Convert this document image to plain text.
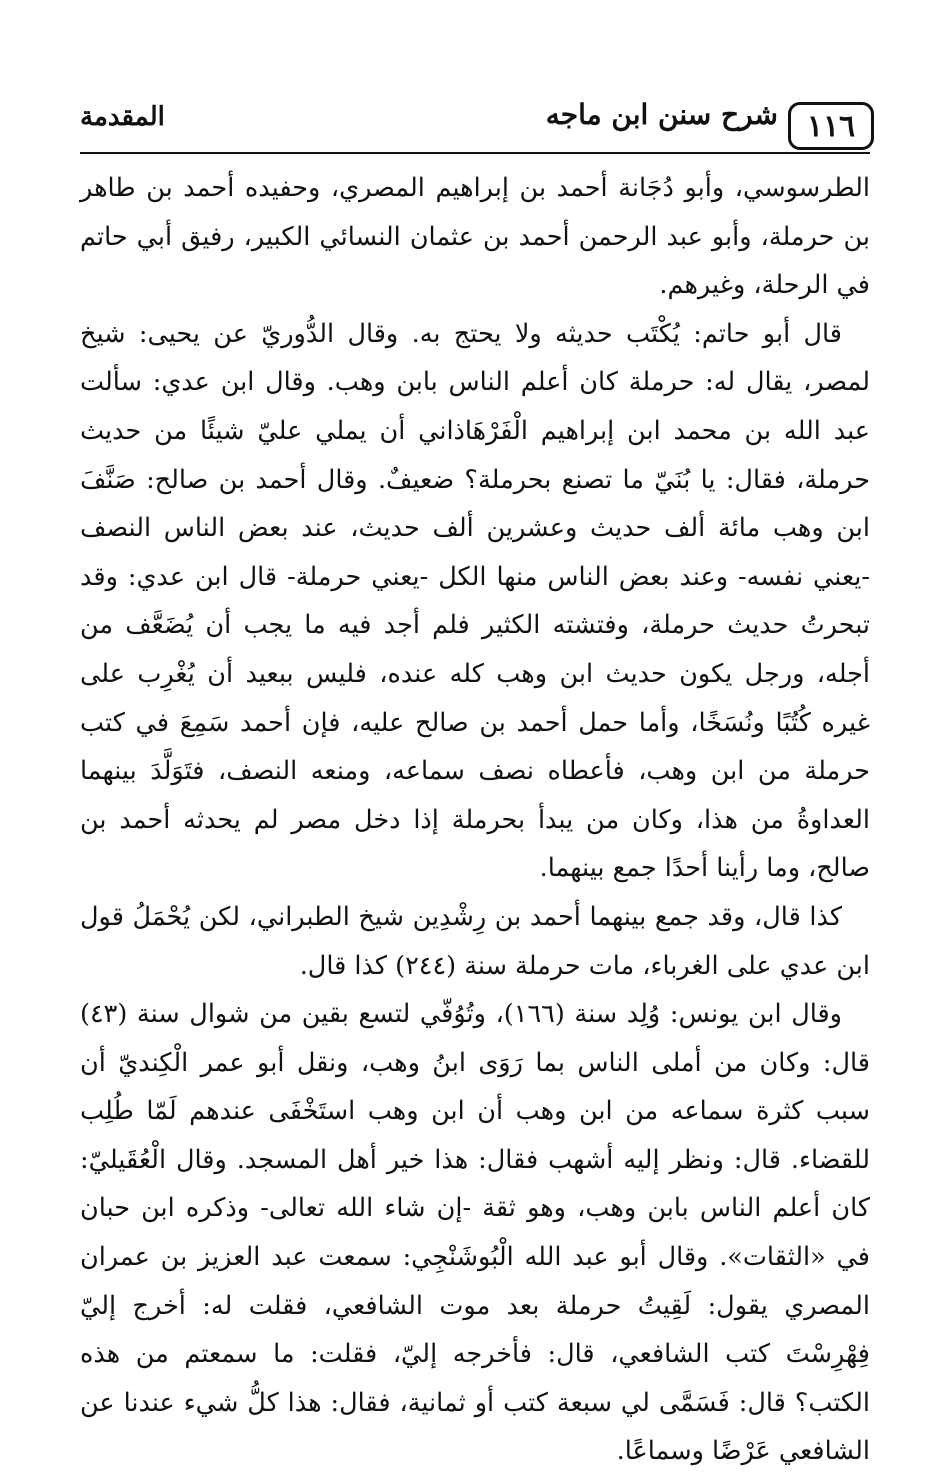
١١٦
شرح سنن ابن ماجه
المقدمة

الطرسوسي، وأبو دُجَانة أحمد بن إبراهيم المصري، وحفيده أحمد بن طاهر بن حرملة، وأبو عبد الرحمن أحمد بن عثمان النسائي الكبير، رفيق أبي حاتم في الرحلة، وغيرهم.

قال أبو حاتم: يُكْتَب حديثه ولا يحتج به. وقال الدُّوريّ عن يحيى: شيخ لمصر، يقال له: حرملة كان أعلم الناس بابن وهب. وقال ابن عدي: سألت عبد الله بن محمد ابن إبراهيم الْفَرْهَاذاني أن يملي عليّ شيئًا من حديث حرملة، فقال: يا بُنَيّ ما تصنع بحرملة؟ ضعيفٌ. وقال أحمد بن صالح: صَنَّفَ ابن وهب مائة ألف حديث وعشرين ألف حديث، عند بعض الناس النصف -يعني نفسه- وعند بعض الناس منها الكل -يعني حرملة- قال ابن عدي: وقد تبحرتُ حديث حرملة، وفتشته الكثير فلم أجد فيه ما يجب أن يُضَعَّف من أجله، ورجل يكون حديث ابن وهب كله عنده، فليس ببعيد أن يُغْرِب على غيره كُتُبًا ونُسَخًا، وأما حمل أحمد بن صالح عليه، فإن أحمد سَمِعَ في كتب حرملة من ابن وهب، فأعطاه نصف سماعه، ومنعه النصف، فتَوَلَّدَ بينهما العداوةُ من هذا، وكان من يبدأ بحرملة إذا دخل مصر لم يحدثه أحمد بن صالح، وما رأينا أحدًا جمع بينهما.

كذا قال، وقد جمع بينهما أحمد بن رِشْدِين شيخ الطبراني، لكن يُحْمَلُ قول ابن عدي على الغرباء، مات حرملة سنة (٢٤٤) كذا قال.

وقال ابن يونس: وُلِد سنة (١٦٦)، وتُوُفّي لتسع بقين من شوال سنة (٤٣) قال: وكان من أملى الناس بما رَوَى ابنُ وهب، ونقل أبو عمر الْكِنديّ أن سبب كثرة سماعه من ابن وهب أن ابن وهب استَخْفَى عندهم لَمّا طُلِب للقضاء. قال: ونظر إليه أشهب فقال: هذا خير أهل المسجد. وقال الْعُقَيليّ: كان أعلم الناس بابن وهب، وهو ثقة -إن شاء الله تعالى- وذكره ابن حبان في «الثقات». وقال أبو عبد الله الْبُوشَنْجِي: سمعت عبد العزيز بن عمران المصري يقول: لَقِيتُ حرملة بعد موت الشافعي، فقلت له: أخرج إليّ فِهْرِسْتَ كتب الشافعي، قال: فأخرجه إليّ، فقلت: ما سمعتم من هذه الكتب؟ قال: فَسَمَّى لي سبعة كتب أو ثمانية، فقال: هذا كلُّ شيء عندنا عن الشافعي عَرْضًا وسماعًا.
